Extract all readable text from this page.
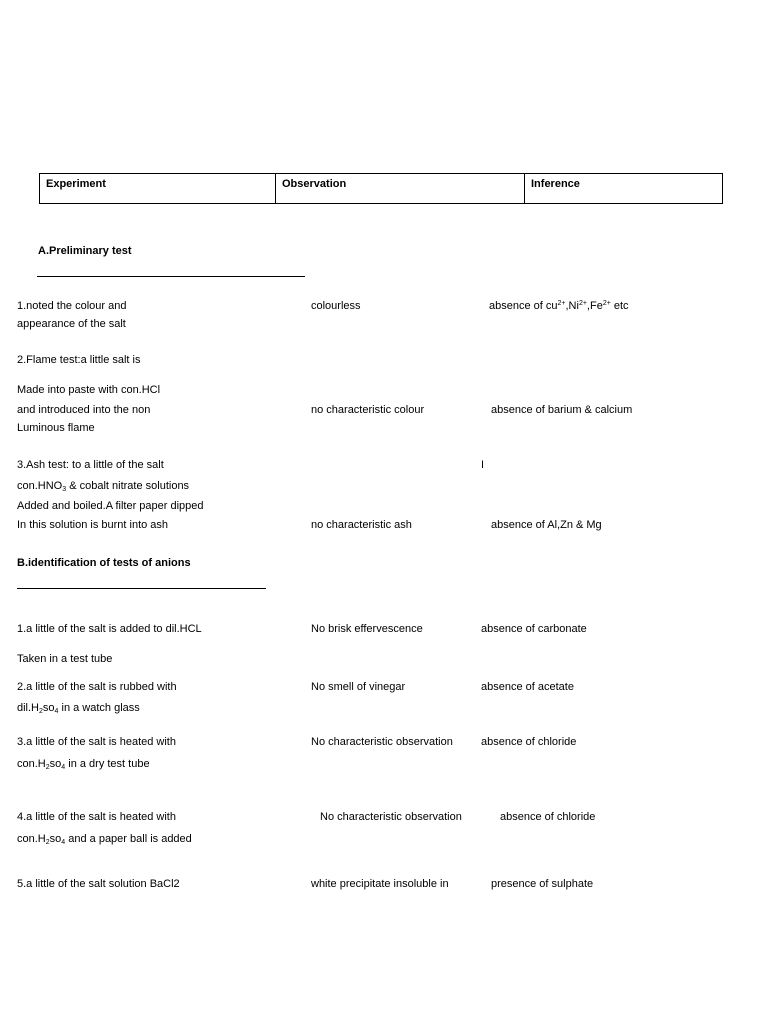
Experiment	Observation	Inference
A.Preliminary test
1.noted the colour and
appearance of the salt
colourless	absence of $cu^{2+},Ni^{2+},Fe^{2+}$ etc
2.Flame test:a little salt is
Made into paste with con.HCl
and introduced into the non
Luminous flame
no characteristic colour	absence of barium & calcium
3.Ash test: to a little of the salt
$con.HNO_3$ & cobalt nitrate solutions
Added and boiled.A filter paper dipped
In this solution is burnt into ash
I
no characteristic ash	absence of Al,Zn & Mg
B.identification of tests of anions
1.a little of the salt is added to dil.HCL
Taken in a test tube
No brisk effervescence	absence of carbonate
2.a little of the salt is rubbed with
$dil.H_2so_4$ in a watch glass
No smell of vinegar	absence of acetate
3.a little of the salt is heated with
$con.H_2so_4$ in a dry test tube
No characteristic observation	absence of chloride
4.a little of the salt is heated with
$con.H_2so_4$ and a paper ball is added
No characteristic observation	absence of chloride
5.a little of the salt solution BaCl2	white precipitate insoluble in	presence of sulphate
